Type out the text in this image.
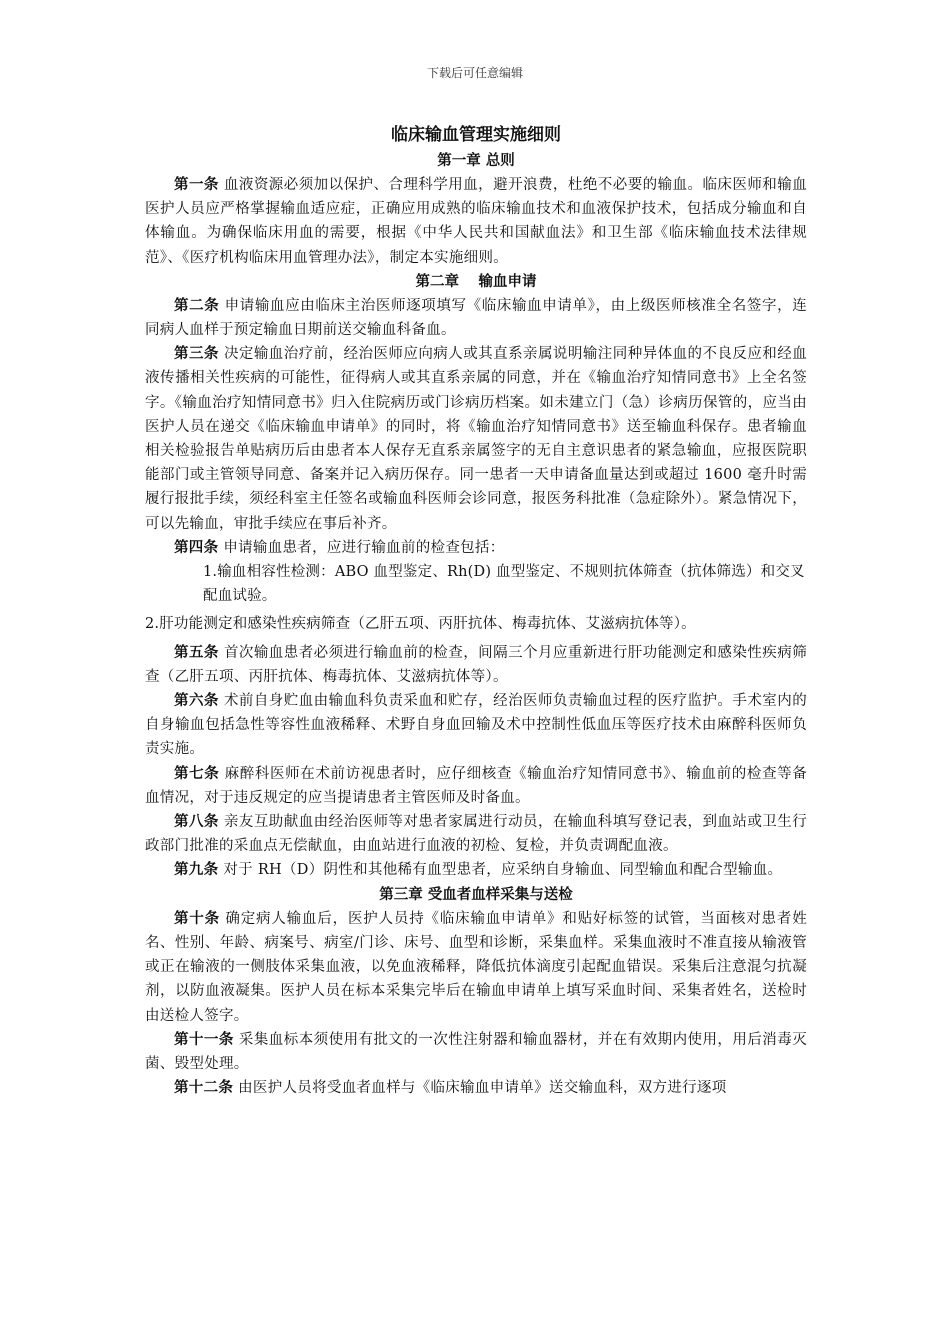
下载后可任意编辑
临床输血管理实施细则
第一章 总则

第一条 血液资源必须加以保护、合理科学用血，避开浪费，杜绝不必要的输血。临床医师和输血医护人员应严格掌握输血适应症，正确应用成熟的临床输血技术和血液保护技术，包括成分输血和自体输血。为确保临床用血的需要，根据《中华人民共和国献血法》和卫生部《临床输血技术法律规范》、《医疗机构临床用血管理办法》，制定本实施细则。

第二章　 输血申请

第二条 申请输血应由临床主治医师逐项填写《临床输血申请单》，由上级医师核准全名签字，连同病人血样于预定输血日期前送交输血科备血。

第三条 决定输血治疗前，经治医师应向病人或其直系亲属说明输注同种异体血的不良反应和经血液传播相关性疾病的可能性，征得病人或其直系亲属的同意，并在《输血治疗知情同意书》上全名签字。《输血治疗知情同意书》归入住院病历或门诊病历档案。如未建立门（急）诊病历保管的，应当由医护人员在递交《临床输血申请单》的同时，将《输血治疗知情同意书》送至输血科保存。患者输血相关检验报告单贴病历后由患者本人保存无直系亲属签字的无自主意识患者的紧急输血，应报医院职能部门或主管领导同意、备案并记入病历保存。同一患者一天申请备血量达到或超过 1600 毫升时需履行报批手续，须经科室主任签名或输血科医师会诊同意，报医务科批准（急症除外）。紧急情况下，可以先输血，审批手续应在事后补齐。

第四条 申请输血患者，应进行输血前的检查包括：

1.输血相容性检测：ABO 血型鉴定、Rh(D) 血型鉴定、不规则抗体筛查（抗体筛选）和交叉配血试验。

2.肝功能测定和感染性疾病筛查（乙肝五项、丙肝抗体、梅毒抗体、艾滋病抗体等）。

第五条 首次输血患者必须进行输血前的检查，间隔三个月应重新进行肝功能测定和感染性疾病筛查（乙肝五项、丙肝抗体、梅毒抗体、艾滋病抗体等）。

第六条 术前自身贮血由输血科负责采血和贮存，经治医师负责输血过程的医疗监护。手术室内的自身输血包括急性等容性血液稀释、术野自身血回输及术中控制性低血压等医疗技术由麻醉科医师负责实施。

第七条 麻醉科医师在术前访视患者时，应仔细核查《输血治疗知情同意书》、输血前的检查等备血情况，对于违反规定的应当提请患者主管医师及时备血。

第八条 亲友互助献血由经治医师等对患者家属进行动员，在输血科填写登记表，到血站或卫生行政部门批准的采血点无偿献血，由血站进行血液的初检、复检，并负责调配血液。

第九条 对于 RH（D）阴性和其他稀有血型患者，应采纳自身输血、同型输血和配合型输血。

第三章 受血者血样采集与送检

第十条 确定病人输血后，医护人员持《临床输血申请单》和贴好标签的试管，当面核对患者姓名、性别、年龄、病案号、病室/门诊、床号、血型和诊断，采集血样。采集血液时不准直接从输液管或正在输液的一侧肢体采集血液，以免血液稀释，降低抗体滴度引起配血错误。采集后注意混匀抗凝剂，以防血液凝集。医护人员在标本采集完毕后在输血申请单上填写采血时间、采集者姓名，送检时由送检人签字。

第十一条 采集血标本须使用有批文的一次性注射器和输血器材，并在有效期内使用，用后消毒灭菌、毁型处理。

第十二条 由医护人员将受血者血样与《临床输血申请单》送交输血科，双方进行逐项
